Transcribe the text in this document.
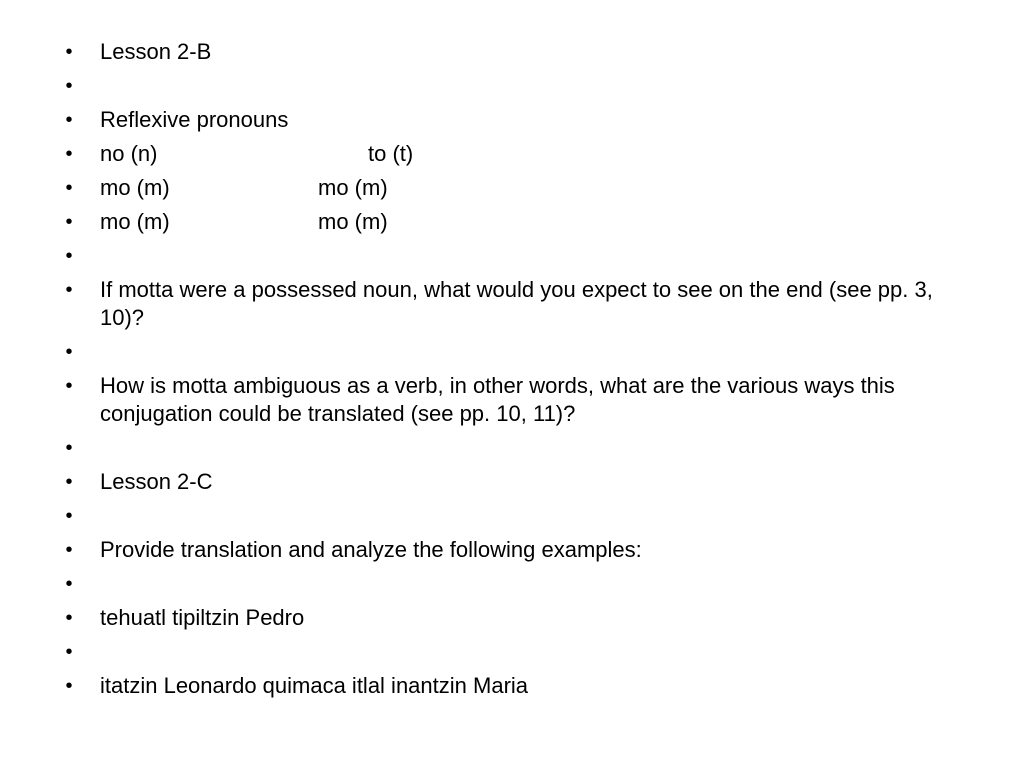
• Lesson 2-B
•
• Reflexive pronouns
• no (n)	to (t)
• mo (m)	mo (m)
• mo (m)	mo (m)
•
• If motta were a possessed noun, what would you expect to see on the end (see pp. 3, 10)?
•
• How is motta ambiguous as a verb, in other words, what are the various ways this conjugation could be translated (see pp. 10, 11)?
•
• Lesson 2-C
•
• Provide translation and analyze the following examples:
•
• tehuatl tipiltzin Pedro
•
• itatzin Leonardo quimaca itlal inantzin Maria
